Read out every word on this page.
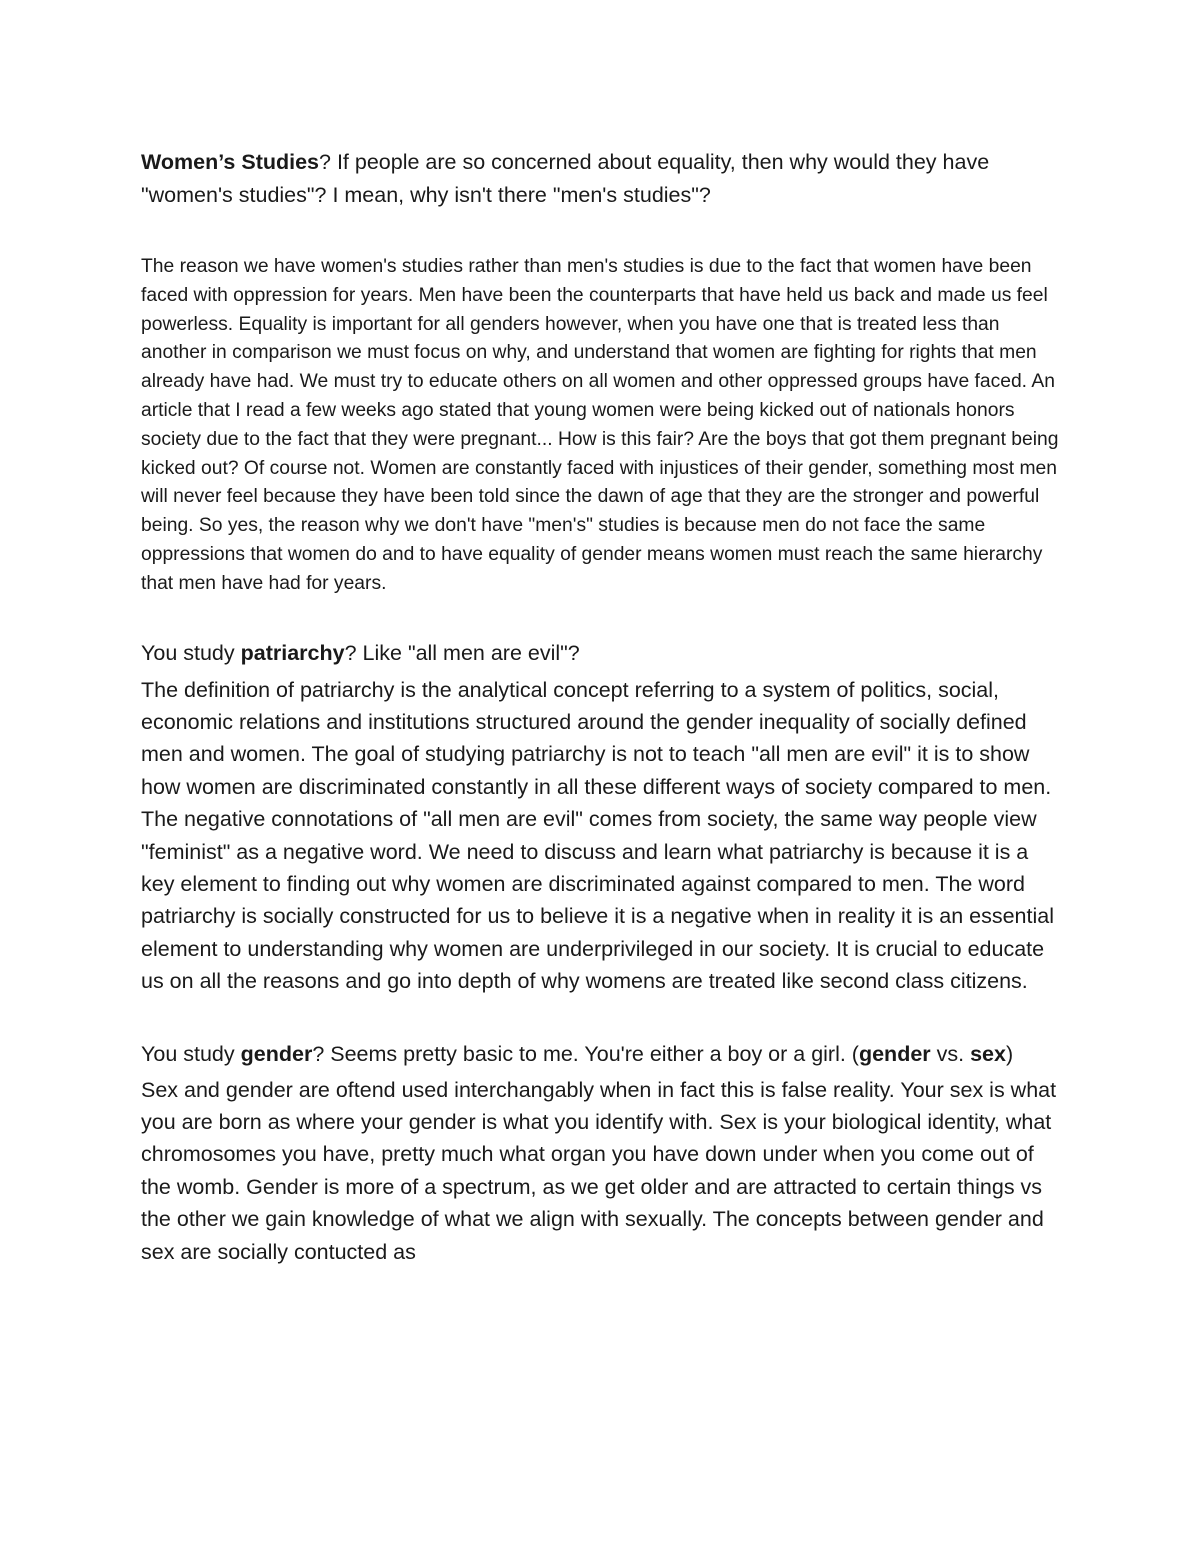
Women’s Studies? If people are so concerned about equality, then why would they have "women's studies"? I mean, why isn't there "men's studies"?

The reason we have women's studies rather than men's studies is due to the fact that women have been faced with oppression for years. Men have been the counterparts that have held us back and made us feel powerless. Equality is important for all genders however, when you have one that is treated less than another in comparison we must focus on why, and understand that women are fighting for rights that men already have had. We must try to educate others on all women and other oppressed groups have faced. An article that I read a few weeks ago stated that young women were being kicked out of nationals honors society due to the fact that they were pregnant... How is this fair? Are the boys that got them pregnant being kicked out? Of course not. Women are constantly faced with injustices of their gender, something most men will never feel because they have been told since the dawn of age that they are the stronger and powerful being. So yes, the reason why we don't have "men's" studies is because men do not face the same oppressions that women do and to have equality of gender means women must reach the same hierarchy that men have had for years.

You study patriarchy? Like "all men are evil"?

The definition of patriarchy is the analytical concept referring to a system of politics, social, economic relations and institutions structured around the gender inequality of socially defined men and women. The goal of studying patriarchy is not to teach "all men are evil" it is to show how women are discriminated constantly in all these different ways of society compared to men. The negative connotations of "all men are evil" comes from society, the same way people view "feminist" as a negative word. We need to discuss and learn what patriarchy is because it is a key element to finding out why women are discriminated against compared to men. The word patriarchy is socially constructed for us to believe it is a negative when in reality it is an essential element to understanding why women are underprivileged in our society. It is crucial to educate us on all the reasons and go into depth of why womens are treated like second class citizens.

You study gender? Seems pretty basic to me. You're either a boy or a girl. (gender vs. sex)

Sex and gender are oftend used interchangably when in fact this is false reality. Your sex is what you are born as where your gender is what you identify with. Sex is your biological identity, what chromosomes you have, pretty much what organ you have down under when you come out of the womb. Gender is more of a spectrum, as we get older and are attracted to certain things vs the other we gain knowledge of what we align with sexually. The concepts between gender and sex are socially contucted as
